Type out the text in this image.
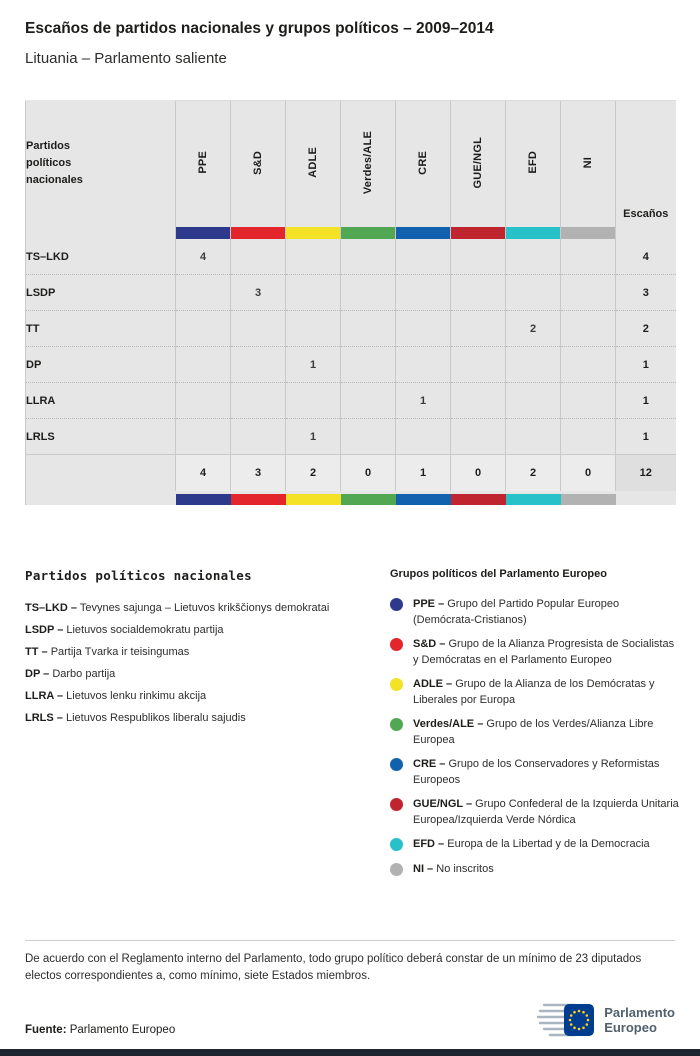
Escaños de partidos nacionales y grupos políticos – 2009–2014
Lituania – Parlamento saliente
Partidos políticos nacionales	PPE	S&D	ADLE	Verdes/ALE	CRE	GUE/NGL	EFD	NI	Escaños

TS–LKD	4								4
LSDP		3							3
TT							2		2
DP			1						1
LLRA					1				1
LRLS			1						1
	4	3	2	0	1	0	2	0	12

Partidos políticos nacionales
TS–LKD – Tevynes sajunga – Lietuvos krikščionys demokratai
LSDP – Lietuvos socialdemokratu partija
TT – Partija Tvarka ir teisingumas
DP – Darbo partija
LLRA – Lietuvos lenku rinkimu akcija
LRLS – Lietuvos Respublikos liberalu sajudis
Grupos políticos del Parlamento Europeo
PPE – Grupo del Partido Popular Europeo (Demócrata-Cristianos)
S&D – Grupo de la Alianza Progresista de Socialistas y Demócratas en el Parlamento Europeo
ADLE – Grupo de la Alianza de los Demócratas y Liberales por Europa
Verdes/ALE – Grupo de los Verdes/Alianza Libre Europea
CRE – Grupo de los Conservadores y Reformistas Europeos
GUE/NGL – Grupo Confederal de la Izquierda Unitaria Europea/Izquierda Verde Nórdica
EFD – Europa de la Libertad y de la Democracia
NI – No inscritos
De acuerdo con el Reglamento interno del Parlamento, todo grupo político deberá constar de un mínimo de 23 diputados electos correspondientes a, como mínimo, siete Estados miembros.
Fuente: Parlamento Europeo
Parlamento
Europeo
